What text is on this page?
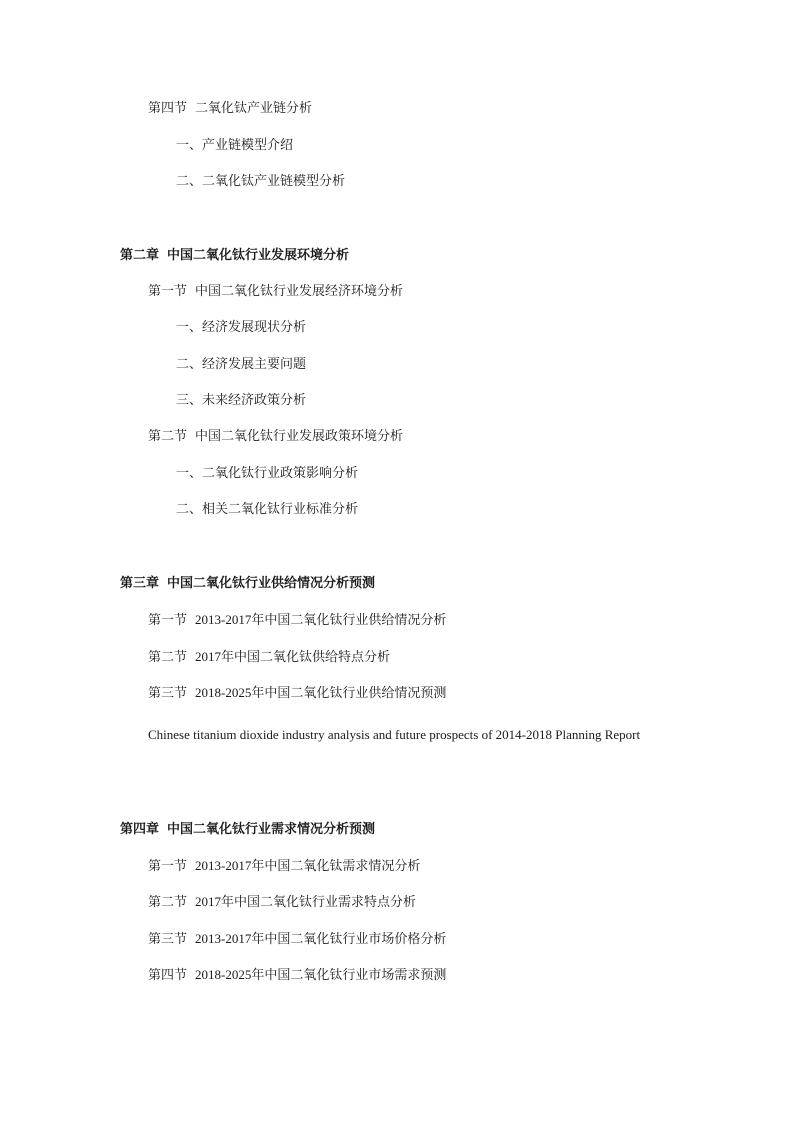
第四节 二氧化钛产业链分析
一、产业链模型介绍
二、二氧化钛产业链模型分析
第二章 中国二氧化钛行业发展环境分析
第一节 中国二氧化钛行业发展经济环境分析
一、经济发展现状分析
二、经济发展主要问题
三、未来经济政策分析
第二节 中国二氧化钛行业发展政策环境分析
一、二氧化钛行业政策影响分析
二、相关二氧化钛行业标准分析
第三章 中国二氧化钛行业供给情况分析预测
第一节 2013-2017年中国二氧化钛行业供给情况分析
第二节 2017年中国二氧化钛供给特点分析
第三节 2018-2025年中国二氧化钛行业供给情况预测
Chinese titanium dioxide industry analysis and future prospects of 2014-2018 Planning Report
第四章 中国二氧化钛行业需求情况分析预测
第一节 2013-2017年中国二氧化钛需求情况分析
第二节 2017年中国二氧化钛行业需求特点分析
第三节 2013-2017年中国二氧化钛行业市场价格分析
第四节 2018-2025年中国二氧化钛行业市场需求预测
